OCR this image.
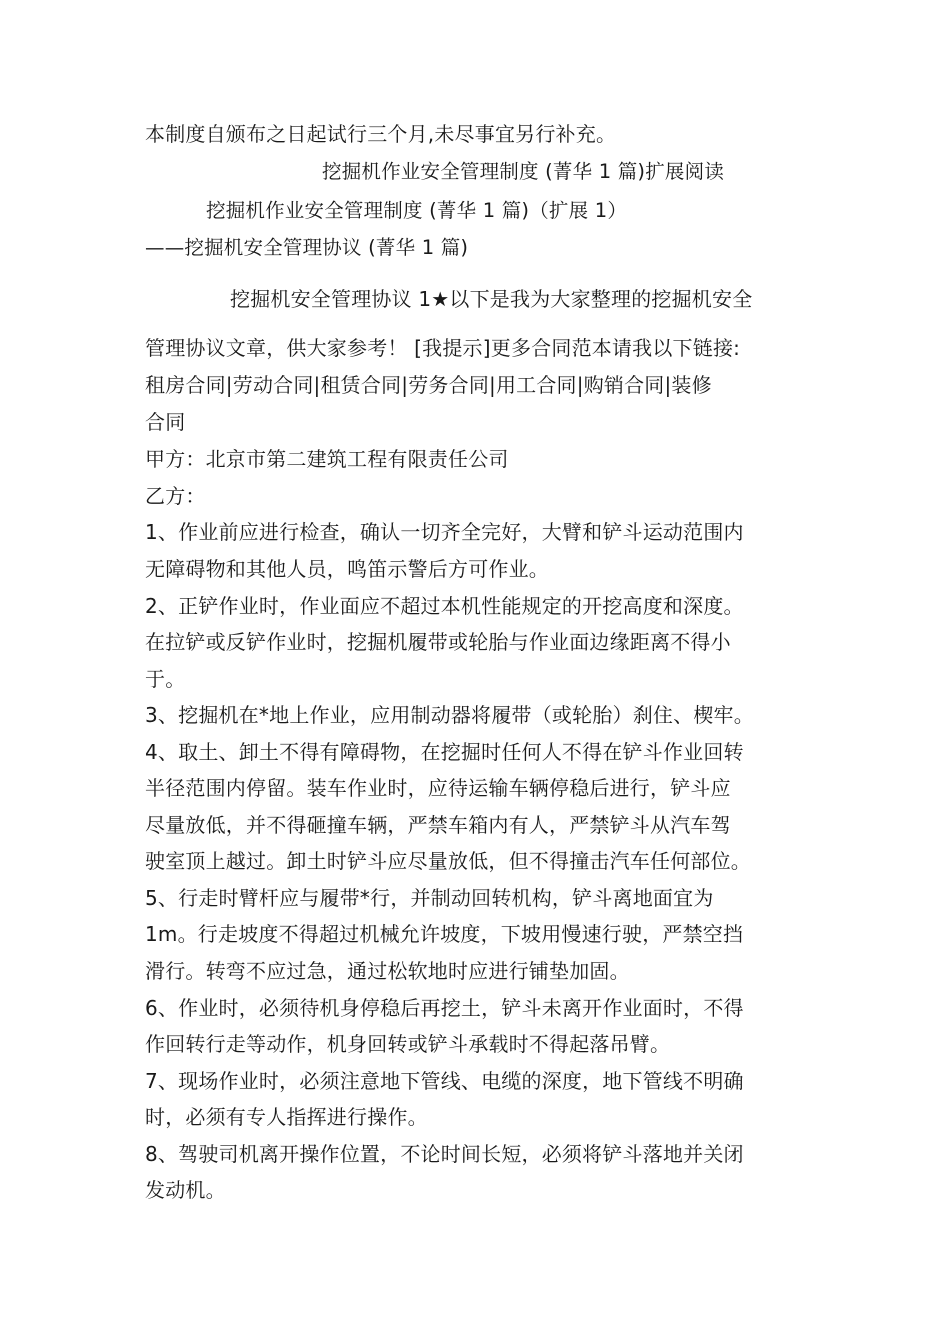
本制度自颁布之日起试行三个月,未尽事宜另行补充。
挖掘机作业安全管理制度 (菁华 1 篇)扩展阅读
挖掘机作业安全管理制度 (菁华 1 篇)（扩展 1）
——挖掘机安全管理协议 (菁华 1 篇)
挖掘机安全管理协议 1★以下是我为大家整理的挖掘机安全
管理协议文章，供大家参考！ [我提示]更多合同范本请我以下链接:
租房合同|劳动合同|租赁合同|劳务合同|用工合同|购销合同|装修
合同
甲方：北京市第二建筑工程有限责任公司
乙方：
1、作业前应进行检查，确认一切齐全完好，大臂和铲斗运动范围内
无障碍物和其他人员，鸣笛示警后方可作业。
2、正铲作业时，作业面应不超过本机性能规定的开挖高度和深度。
在拉铲或反铲作业时，挖掘机履带或轮胎与作业面边缘距离不得小
于。
3、挖掘机在*地上作业，应用制动器将履带（或轮胎）刹住、楔牢。
4、取土、卸土不得有障碍物，在挖掘时任何人不得在铲斗作业回转
半径范围内停留。装车作业时，应待运输车辆停稳后进行，铲斗应
尽量放低，并不得砸撞车辆，严禁车箱内有人，严禁铲斗从汽车驾
驶室顶上越过。卸土时铲斗应尽量放低，但不得撞击汽车任何部位。
5、行走时臂杆应与履带*行，并制动回转机构，铲斗离地面宜为
1m。行走坡度不得超过机械允许坡度，下坡用慢速行驶，严禁空挡
滑行。转弯不应过急，通过松软地时应进行铺垫加固。
6、作业时，必须待机身停稳后再挖土，铲斗未离开作业面时，不得
作回转行走等动作，机身回转或铲斗承载时不得起落吊臂。
7、现场作业时，必须注意地下管线、电缆的深度，地下管线不明确
时，必须有专人指挥进行操作。
8、驾驶司机离开操作位置，不论时间长短，必须将铲斗落地并关闭
发动机。
